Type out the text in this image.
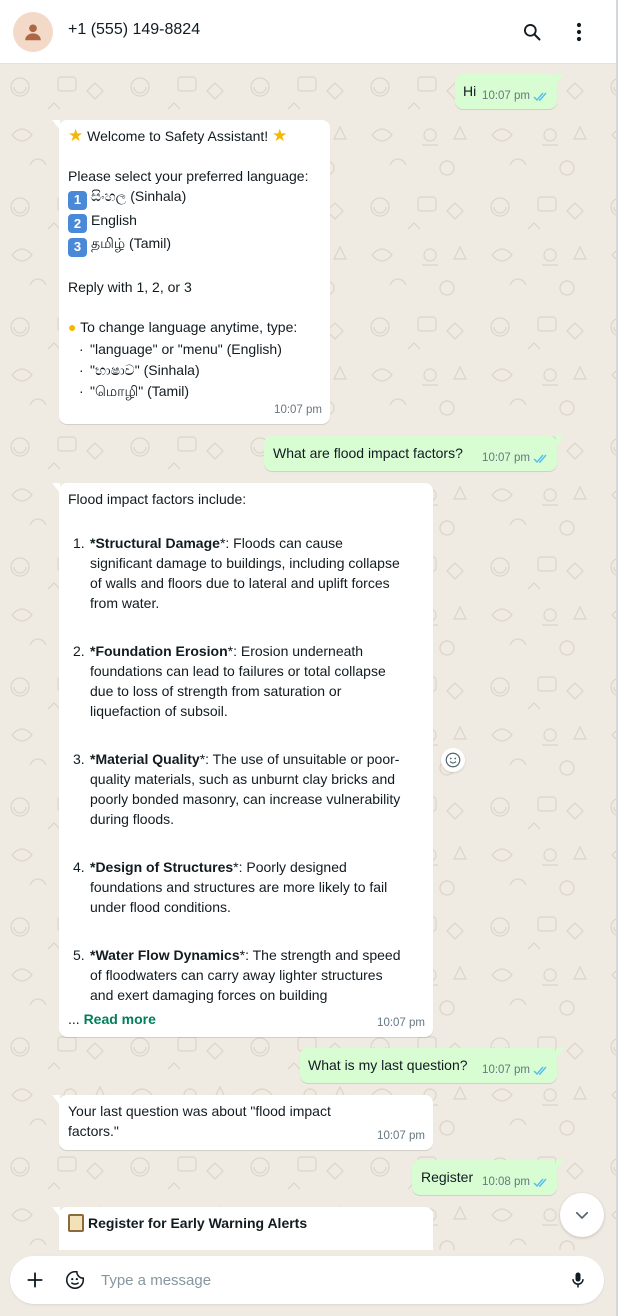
+1 (555) 149-8824
Hi 10:07 pm
★ Welcome to Safety Assistant! ★
Please select your preferred language:
1 සිංහල (Sinhala)
2 English
3 தமிழ் (Tamil)
Reply with 1, 2, or 3
● To change language anytime, type:
· "language" or "menu" (English)
· "භාෂාව" (Sinhala)
· "மொழி" (Tamil)
10:07 pm
What are flood impact factors? 10:07 pm
Flood impact factors include:
1. *Structural Damage*: Floods can cause
significant damage to buildings, including collapse
of walls and floors due to lateral and uplift forces
from water.
2. *Foundation Erosion*: Erosion underneath
foundations can lead to failures or total collapse
due to loss of strength from saturation or
liquefaction of subsoil.
3. *Material Quality*: The use of unsuitable or poor-
quality materials, such as unburnt clay bricks and
poorly bonded masonry, can increase vulnerability
during floods.
4. *Design of Structures*: Poorly designed
foundations and structures are more likely to fail
under flood conditions.
5. *Water Flow Dynamics*: The strength and speed
of floodwaters can carry away lighter structures
and exert damaging forces on building
... Read more	10:07 pm
What is my last question? 10:07 pm
Your last question was about "flood impact
factors."	10:07 pm
Register 10:08 pm
Register for Early Warning Alerts
Type a message
